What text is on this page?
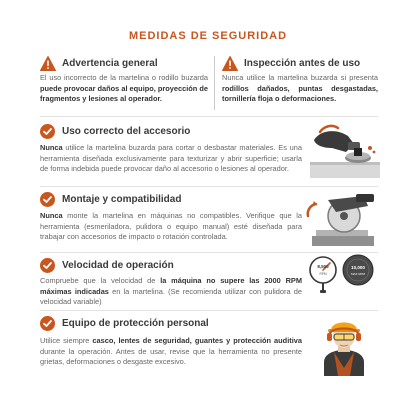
MEDIDAS DE SEGURIDAD
Advertencia general
El uso incorrecto de la martelina o rodillo buzarda puede provocar daños al equipo, proyección de fragmentos y lesiones al operador.
Inspección antes de uso
Nunca utilice la martelina buzarda si presenta rodillos dañados, puntas desgastadas, tornillería floja o deformaciones.
Uso correcto del accesorio
Nunca utilice la martelina buzarda para cortar o desbastar materiales. Es una herramienta diseñada exclusivamente para texturizar y abrir superficie; usarla de forma indebida puede provocar daño al accesorio o lesiones al operador.
Montaje y compatibilidad
Nunca monte la martelina en máquinas no compatibles. Verifique que la herramienta (esmeriladora, pulidora o equipo manual) esté diseñada para trabajar con accesorios de impacto o rotación controlada.
Velocidad de operación
Compruebe que la velocidad de la máquina no supere las 2000 RPM máximas indicadas en la martelina. (Se recomienda utilizar con pulidora de velocidad variable)
8,500
RPM
10,000
MAX RPM
Equipo de protección personal
Utilice siempre casco, lentes de seguridad, guantes y protección auditiva durante la operación. Antes de usar, revise que la herramienta no presente grietas, deformaciones o desgaste excesivo.
